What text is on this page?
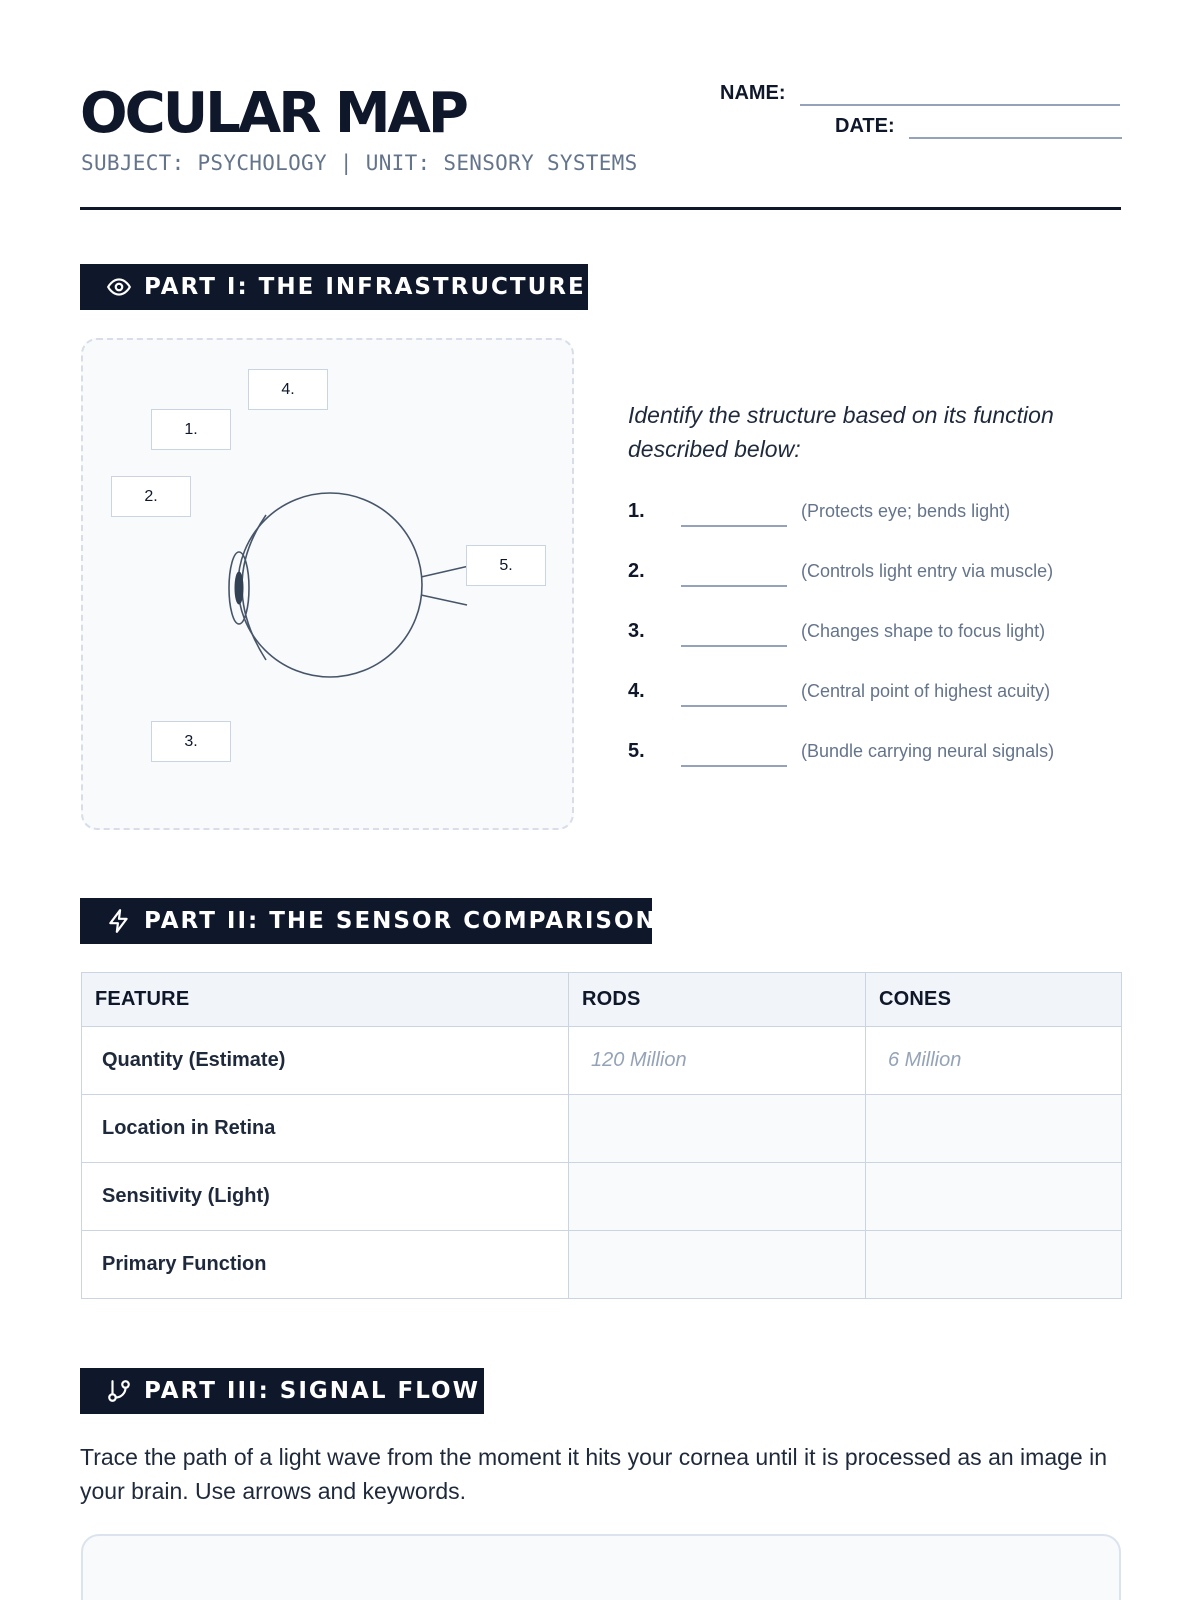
OCULAR MAP
SUBJECT: PSYCHOLOGY | UNIT: SENSORY SYSTEMS
NAME:
DATE:
PART I: THE INFRASTRUCTURE
1.
2.
3.
4.
5.
Identify the structure based on its function described below:
1.	(Protects eye; bends light)
2.	(Controls light entry via muscle)
3.	(Changes shape to focus light)
4.	(Central point of highest acuity)
5.	(Bundle carrying neural signals)
PART II: THE SENSOR COMPARISON
FEATURE	RODS	CONES
Quantity (Estimate)	120 Million	6 Million
Location in Retina		
Sensitivity (Light)		
Primary Function		
PART III: SIGNAL FLOW
Trace the path of a light wave from the moment it hits your cornea until it is processed as an image in your brain. Use arrows and keywords.
